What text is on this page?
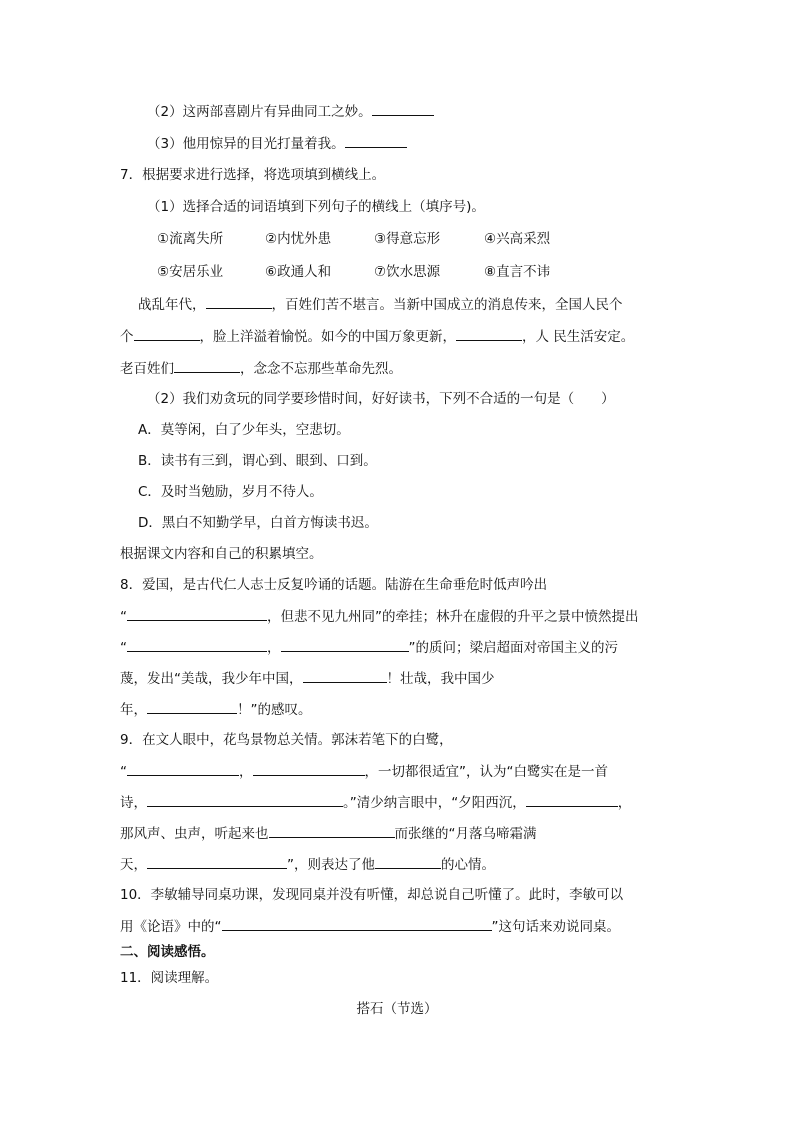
（2）这两部喜剧片有异曲同工之妙。
（3）他用惊异的目光打量着我。
7．根据要求进行选择，将选项填到横线上。
（1）选择合适的词语填到下列句子的横线上（填序号)。
①流离失所	②内忧外患	③得意忘形	④兴高采烈
⑤安居乐业	⑥政通人和	⑦饮水思源	⑧直言不讳
战乱年代，	，百姓们苦不堪言。当新中国成立的消息传来，全国人民个
个	，脸上洋溢着愉悦。如今的中国万象更新，	，人 民生活安定。
老百姓们	，念念不忘那些革命先烈。
（2）我们劝贪玩的同学要珍惜时间，好好读书，下列不合适的一句是（　　）
A．莫等闲，白了少年头，空悲切。
B．读书有三到，谓心到、眼到、口到。
C．及时当勉励，岁月不待人。
D．黑白不知勤学早，白首方悔读书迟。
根据课文内容和自己的积累填空。
8．爱国，是古代仁人志士反复吟诵的话题。陆游在生命垂危时低声吟出
“	，但悲不见九州同”的牵挂；林升在虚假的升平之景中愤然提出
“	，	”的质问；梁启超面对帝国主义的污
蔑，发出“美哉，我少年中国，	！壮哉，我中国少
年，	！”的感叹。
9．在文人眼中，花鸟景物总关情。郭沫若笔下的白鹭，
“	，	，一切都很适宜”，认为“白鹭实在是一首
诗，	。”清少纳言眼中，“夕阳西沉，	，
那风声、虫声，听起来也	而张继的“月落乌啼霜满
天，	”，则表达了他	的心情。
10．李敏辅导同桌功课，发现同桌并没有听懂，却总说自己听懂了。此时，李敏可以
用《论语》中的“	”这句话来劝说同桌。
二、阅读感悟。
11．阅读理解。
搭石（节选）
